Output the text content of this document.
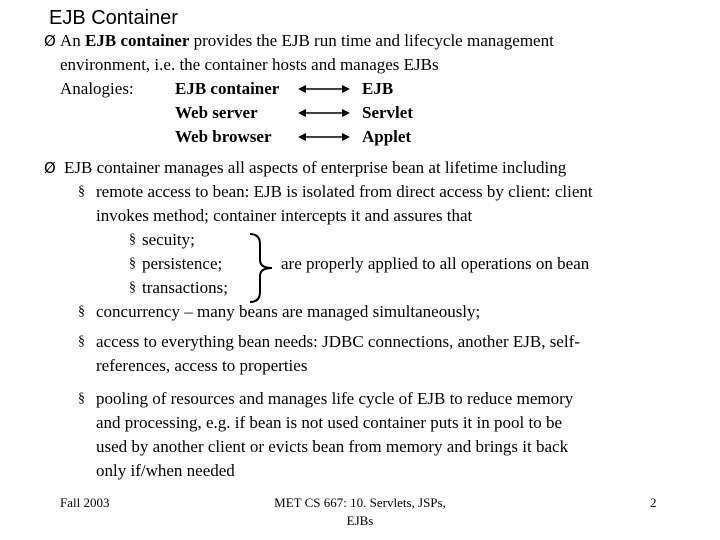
EJB Container
Ø An EJB container provides the EJB run time and lifecycle management
environment, i.e. the container hosts and manages EJBs
Analogies: EJB container
Web server
Web browser
EJB
Servlet
Applet
Ø EJB container manages all aspects of enterprise bean at lifetime including
§ remote access to bean: EJB is isolated from direct access by client: client
invokes method; container intercepts it and assures that
§ secuity;
§ persistence;
§ transactions;
are properly applied to all operations on bean
§ concurrency – many beans are managed simultaneously;
§ access to everything bean needs: JDBC connections, another EJB, self-
references, access to properties
§ pooling of resources and manages life cycle of EJB to reduce memory
and processing, e.g. if bean is not used container puts it in pool to be
used by another client or evicts bean from memory and brings it back
only if/when needed
Fall 2003	MET CS 667: 10. Servlets, JSPs,
EJBs
2
